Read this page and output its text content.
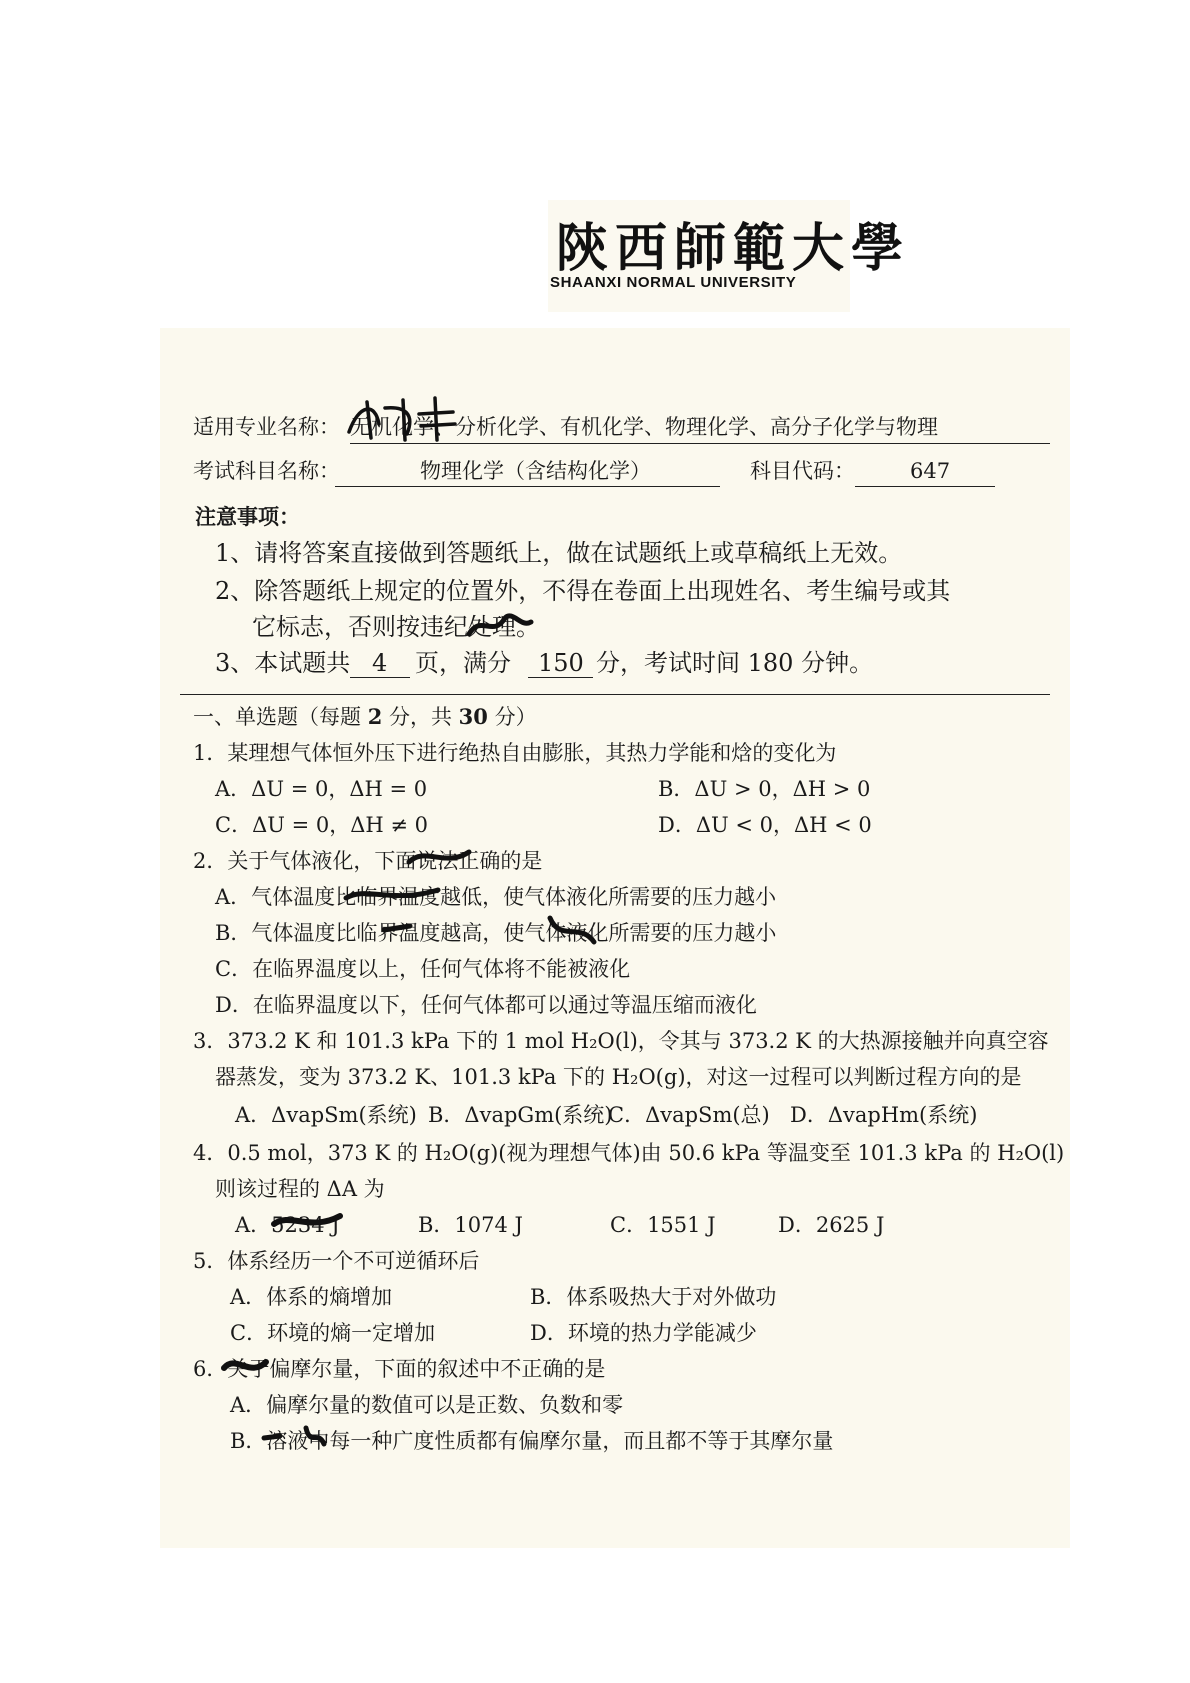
陝西師範大學
SHAANXI NORMAL UNIVERSITY
适用专业名称： 无机化学、分析化学、有机化学、物理化学、高分子化学与物理
考试科目名称：	物理化学（含结构化学）	科目代码：	647
注意事项：
1、请将答案直接做到答题纸上，做在试题纸上或草稿纸上无效。
2、除答题纸上规定的位置外，不得在卷面上出现姓名、考生编号或其
它标志，否则按违纪处理。
3、本试题共 4 页，满分 150 分，考试时间 180 分钟。
一、单选题（每题 2 分，共 30 分）
1．某理想气体恒外压下进行绝热自由膨胀，其热力学能和焓的变化为
A．ΔU = 0，ΔH = 0	B．ΔU > 0，ΔH > 0
C．ΔU = 0，ΔH ≠ 0	D．ΔU < 0，ΔH < 0
2．关于气体液化，下面说法正确的是
A．气体温度比临界温度越低，使气体液化所需要的压力越小
B．气体温度比临界温度越高，使气体液化所需要的压力越小
C．在临界温度以上，任何气体将不能被液化
D．在临界温度以下，任何气体都可以通过等温压缩而液化
3．373.2 K 和 101.3 kPa 下的 1 mol H₂O(l)，令其与 373.2 K 的大热源接触并向真空容
器蒸发，变为 373.2 K、101.3 kPa 下的 H₂O(g)，对这一过程可以判断过程方向的是
A．ΔvapSm(系统) B．ΔvapGm(系统)
C．ΔvapSm(总) D．ΔvapHm(系统)
4．0.5 mol，373 K 的 H₂O(g)(视为理想气体)由 50.6 kPa 等温变至 101.3 kPa 的 H₂O(l)
则该过程的 ΔA 为
A．5234 J	B．1074 J	C．1551 J	D．2625 J
5．体系经历一个不可逆循环后
A．体系的熵增加	B．体系吸热大于对外做功
C．环境的熵一定增加	D．环境的热力学能减少
6．关于偏摩尔量，下面的叙述中不正确的是
A．偏摩尔量的数值可以是正数、负数和零
B．溶液中每一种广度性质都有偏摩尔量，而且都不等于其摩尔量
